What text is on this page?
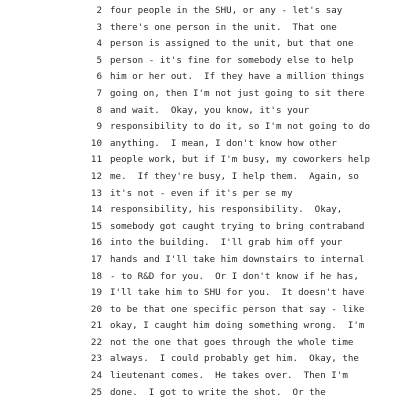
2 four people in the SHU, or any - let's say
3 there's one person in the unit.  That one
4 person is assigned to the unit, but that one
5 person - it's fine for somebody else to help
6 him or her out.  If they have a million things
7 going on, then I'm not just going to sit there
8 and wait.  Okay, you know, it's your
9 responsibility to do it, so I'm not going to do
10 anything.  I mean, I don't know how other
11 people work, but if I'm busy, my coworkers help
12 me.  If they're busy, I help them.  Again, so
13 it's not - even if it's per se my
14 responsibility, his responsibility.  Okay,
15 somebody got caught trying to bring contraband
16 into the building.  I'll grab him off your
17 hands and I'll take him downstairs to internal
18 - to R&D for you.  Or I don't know if he has,
19 I'll take him to SHU for you.  It doesn't have
20 to be that one specific person that say - like
21 okay, I caught him doing something wrong.  I'm
22 not the one that goes through the whole time
23 always.  I could probably get him.  Okay, the
24 lieutenant comes.  He takes over.  Then I'm
25 done.  I got to write the shot.  Or the
